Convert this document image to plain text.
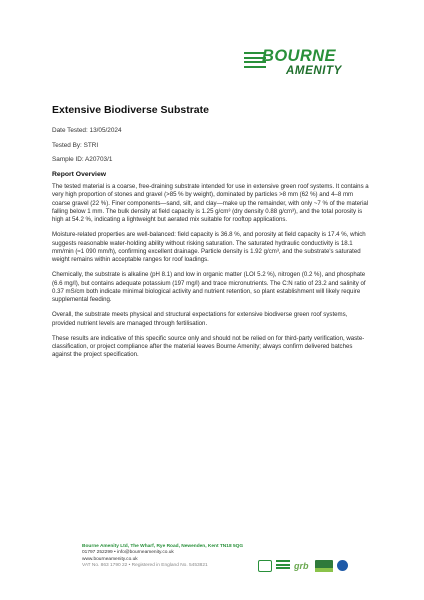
BOURNE
AMENITY
Extensive Biodiverse Substrate
Date Tested: 13/05/2024
Tested By: STRI
Sample ID: A20703/1
Report Overview

The tested material is a coarse, free-draining substrate intended for use in extensive green roof systems. It contains a very high proportion of stones and gravel (>85 % by weight), dominated by particles >8 mm (62 %) and 4–8 mm coarse gravel (22 %). Finer components—sand, silt, and clay—make up the remainder, with only ~7 % of the material falling below 1 mm. The bulk density at field capacity is 1.25 g/cm³ (dry density 0.88 g/cm³), and the total porosity is high at 54.2 %, indicating a lightweight but aerated mix suitable for rooftop applications.

Moisture-related properties are well-balanced: field capacity is 36.8 %, and porosity at field capacity is 17.4 %, which suggests reasonable water-holding ability without risking saturation. The saturated hydraulic conductivity is 18.1 mm/min (≈1 090 mm/h), confirming excellent drainage. Particle density is 1.92 g/cm³, and the substrate's saturated weight remains within acceptable ranges for roof loadings.

Chemically, the substrate is alkaline (pH 8.1) and low in organic matter (LOI 5.2 %), nitrogen (0.2 %), and phosphate (6.6 mg/l), but contains adequate potassium (197 mg/l) and trace micronutrients. The C:N ratio of 23.2 and salinity of 0.37 mS/cm both indicate minimal biological activity and nutrient retention, so plant establishment will likely require supplemental feeding.

Overall, the substrate meets physical and structural expectations for extensive biodiverse green roof systems, provided nutrient levels are managed through fertilisation.

These results are indicative of this specific source only and should not be relied on for third-party verification, waste-classification, or project compliance after the material leaves Bourne Amenity; always confirm delivered batches against the project specification.

Bourne Amenity Ltd, The Wharf, Rye Road, Newenden, Kent TN18 5QG
01797 252299 • info@bourneamenity.co.uk
www.bourneamenity.co.uk
VAT No. 863 1790 22 • Registered in England No. 5453821	grb
